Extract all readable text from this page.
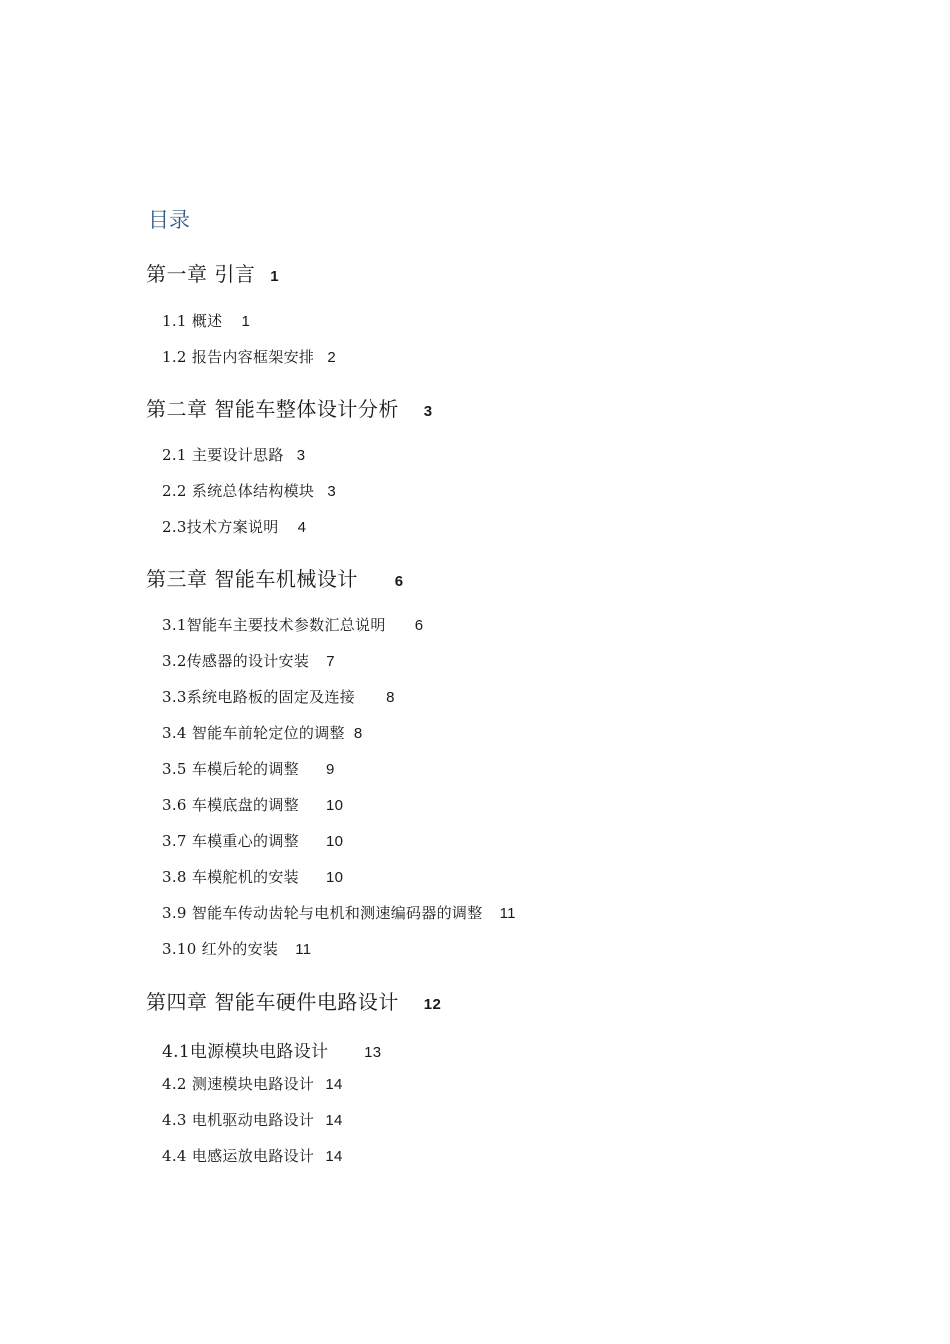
目录
第一章 引言 1
1.1 概述 1
1.2 报告内容框架安排 2
第二章 智能车整体设计分析 3
2.1 主要设计思路 3
2.2 系统总体结构模块 3
2.3技术方案说明 4
第三章 智能车机械设计 6
3.1智能车主要技术参数汇总说明 6
3.2传感器的设计安装 7
3.3系统电路板的固定及连接 8
3.4 智能车前轮定位的调整 8
3.5 车模后轮的调整 9
3.6 车模底盘的调整 10
3.7 车模重心的调整 10
3.8 车模舵机的安装 10
3.9 智能车传动齿轮与电机和测速编码器的调整 11
3.10 红外的安装 11
第四章 智能车硬件电路设计 12
4.1电源模块电路设计 13
4.2 测速模块电路设计 14
4.3 电机驱动电路设计 14
4.4 电感运放电路设计 14
